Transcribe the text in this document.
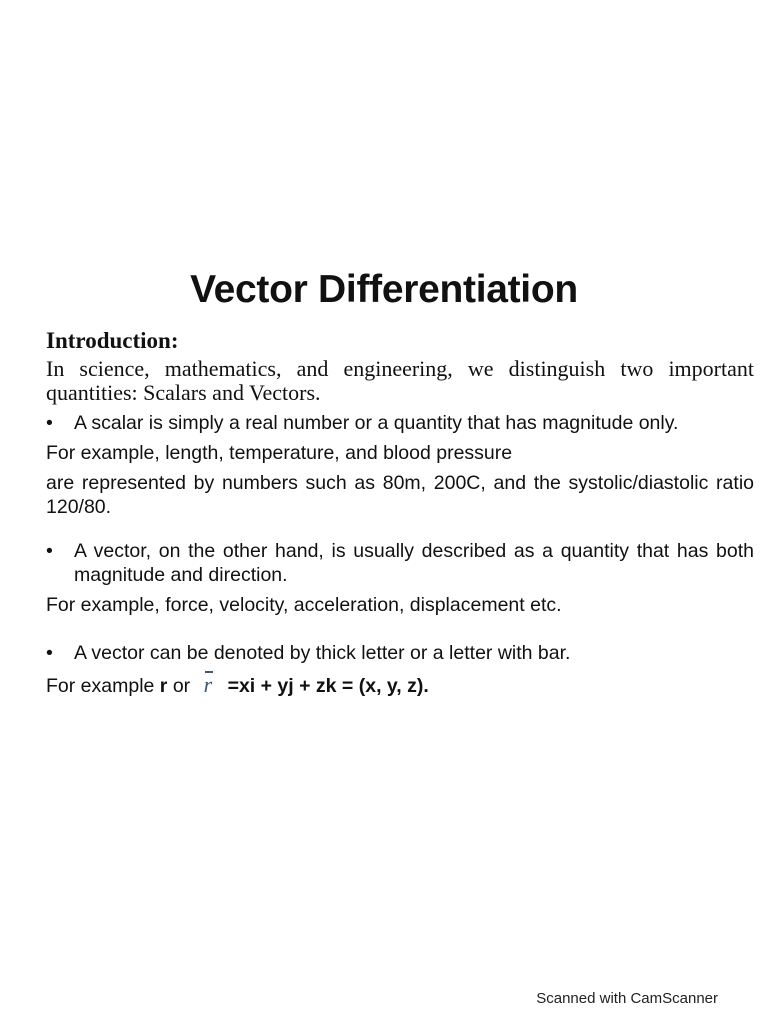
Vector Differentiation

Introduction:

In science, mathematics, and engineering, we distinguish two important quantities: Scalars and Vectors.

•	A scalar is simply a real number or a quantity that has magnitude only.

For example, length, temperature, and blood pressure

are represented by numbers such as 80m, 200C, and the systolic/diastolic ratio 120/80.

•	A vector, on the other hand, is usually described as a quantity that has both magnitude and direction.

For example, force, velocity, acceleration, displacement etc.

•	A vector can be denoted by thick letter or a letter with bar.

For example r or r =xi + yj + zk = (x, y, z).

Scanned with CamScanner
